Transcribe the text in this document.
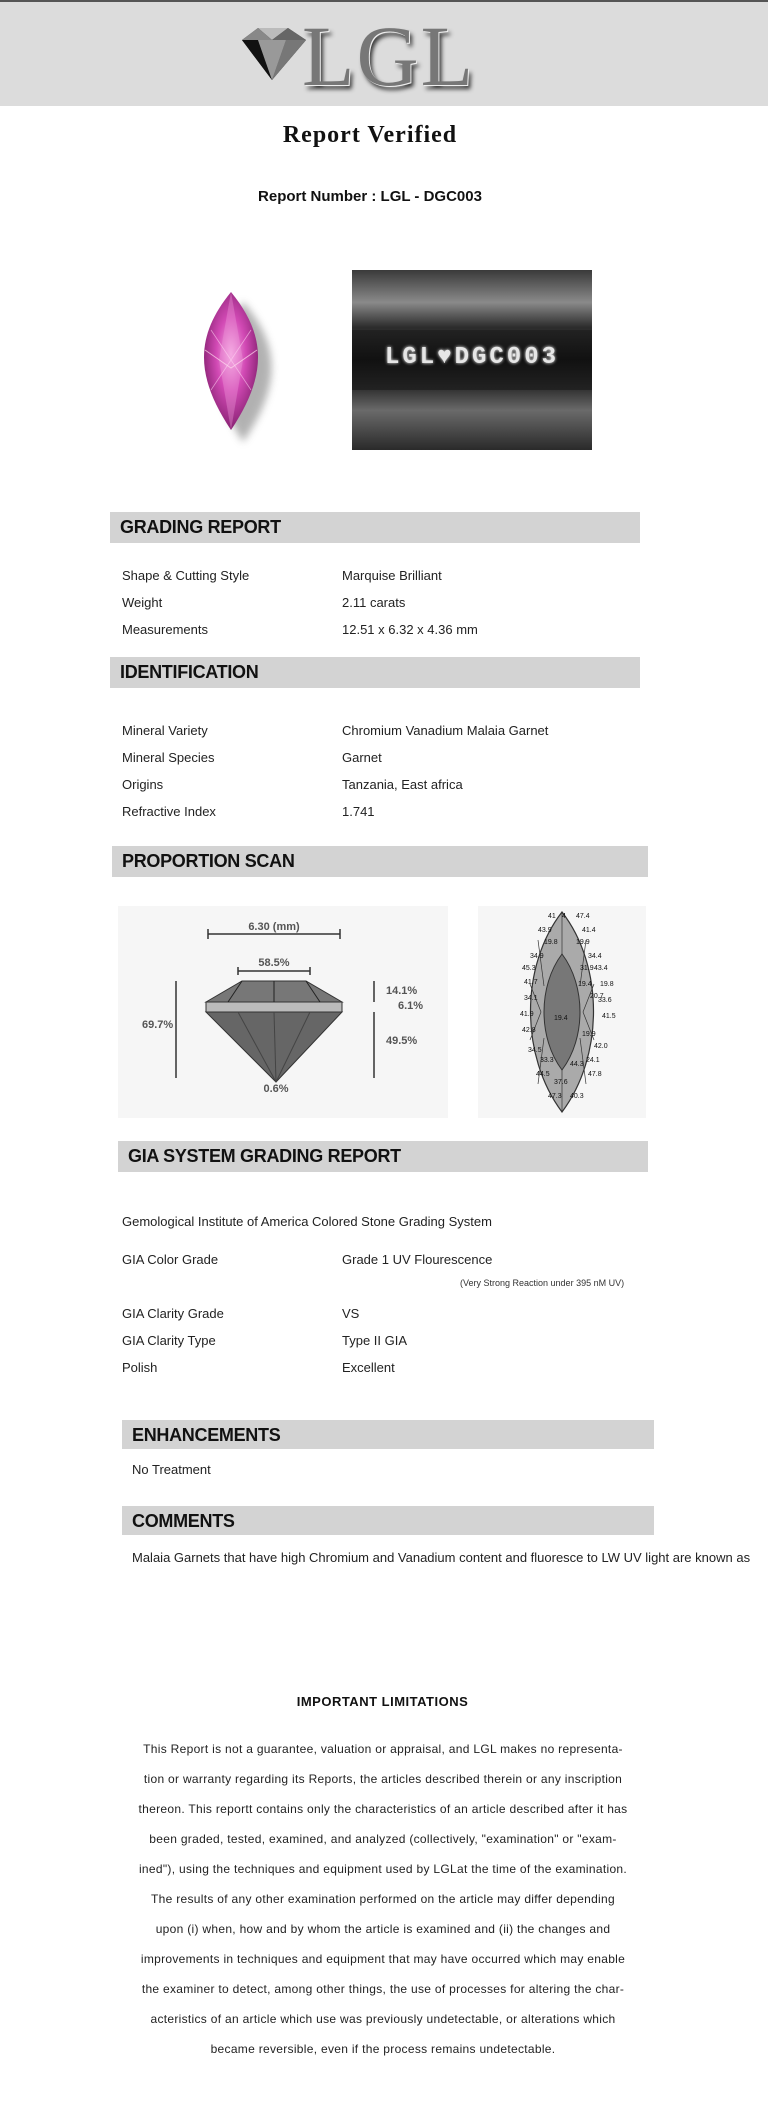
LGL
Report Verified
Report Number : LGL - DGC003
LGL♥DGC003
GRADING REPORT
Shape & Cutting Style	Marquise Brilliant
Weight	2.11 carats
Measurements	12.51 x 6.32 x 4.36 mm
IDENTIFICATION
Mineral Variety	Chromium Vanadium Malaia Garnet
Mineral Species	Garnet
Origins	Tanzania, East africa
Refractive Index	1.741
PROPORTION SCAN
6.30 (mm)
58.5%
69.7%
14.1%
6.1%
49.5%
0.6%
41 4 47.4
43.9	41.4
19.8	19.9
34.9	34.4
31.9
45.3	43.4
41.7	19.4 19.8
20.7
34.1	33.6
41.9
19.4	41.5
42.8
19.9
42.0
34.5
33.3	24.1
44.3
44.5	47.8
37.6
47.3 40.3
GIA SYSTEM GRADING REPORT
Gemological Institute of America Colored Stone Grading System
GIA Color Grade	Grade 1 UV Flourescence
(Very Strong Reaction under 395 nM UV)
GIA Clarity Grade	VS
GIA Clarity Type	Type II GIA
Polish	Excellent
ENHANCEMENTS
No Treatment
COMMENTS
Malaia Garnets that have high Chromium and Vanadium content and fluoresce to LW UV light are known as
IMPORTANT LIMITATIONS
This Report is not a guarantee, valuation or appraisal, and LGL makes no representa-
tion or warranty regarding its Reports, the articles described therein or any inscription
thereon. This reportt contains only the characteristics of an article described after it has
been graded, tested, examined, and analyzed (collectively, "examination" or "exam-
ined"), using the techniques and equipment used by LGLat the time of the examination.
The results of any other examination performed on the article may differ depending
upon (i) when, how and by whom the article is examined and (ii) the changes and
improvements in techniques and equipment that may have occurred which may enable
the examiner to detect, among other things, the use of processes for altering the char-
acteristics of an article which use was previously undetectable, or alterations which
became reversible, even if the process remains undetectable.
